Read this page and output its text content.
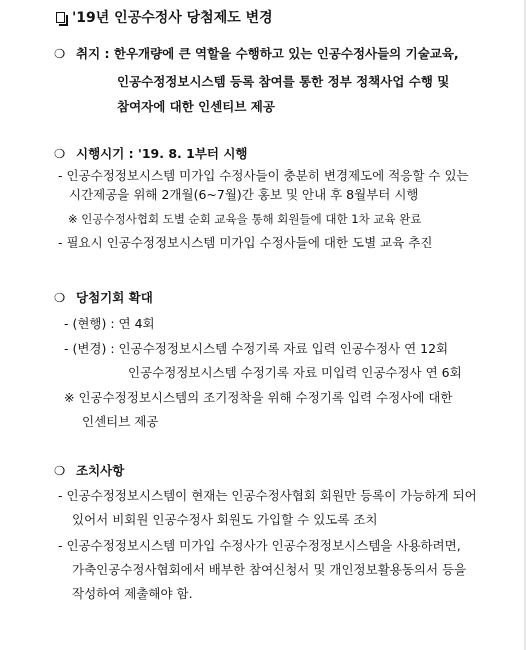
'19년 인공수정사 당첨제도 변경
❍ 취지 : 한우개량에 큰 역할을 수행하고 있는 인공수정사들의 기술교육,
인공수정정보시스템 등록 참여를 통한 정부 정책사업 수행 및
참여자에 대한 인센티브 제공
❍ 시행시기 : '19. 8. 1부터 시행
- 인공수정정보시스템 미가입 수정사들이 충분히 변경제도에 적응할 수 있는
시간제공을 위해 2개월(6~7월)간 홍보 및 안내 후 8월부터 시행
※ 인공수정사협회 도별 순회 교육을 통해 회원들에 대한 1차 교육 완료
- 필요시 인공수정정보시스템 미가입 수정사들에 대한 도별 교육 추진
❍ 당첨기회 확대
- (현행) : 연 4회
- (변경) : 인공수정정보시스템 수정기록 자료 입력 인공수정사 연 12회
인공수정정보시스템 수정기록 자료 미입력 인공수정사 연 6회
※ 인공수정정보시스템의 조기정착을 위해 수정기록 입력 수정사에 대한
인센티브 제공
❍ 조치사항
- 인공수정정보시스템이 현재는 인공수정사협회 회원만 등록이 가능하게 되어
있어서 비회원 인공수정사 회원도 가입할 수 있도록 조치
- 인공수정정보시스템 미가입 수정사가 인공수정정보시스템을 사용하려면,
가축인공수정사협회에서 배부한 참여신청서 및 개인정보활용동의서 등을
작성하여 제출해야 함.
